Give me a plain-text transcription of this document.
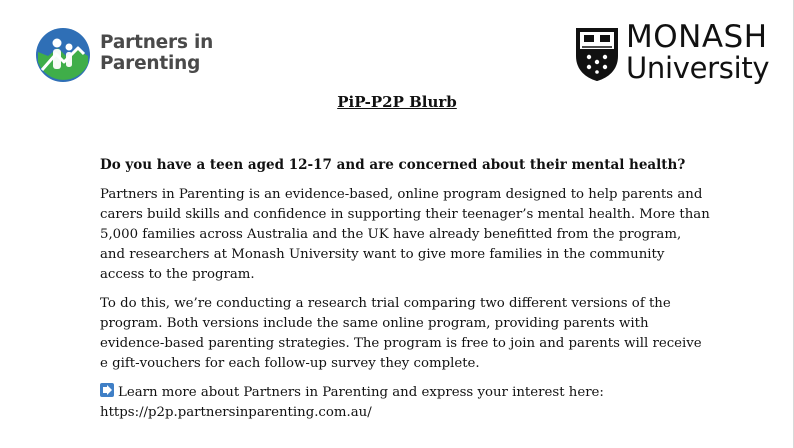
Partners in
Parenting
MONASH
University
PiP-P2P Blurb

Do you have a teen aged 12-17 and are concerned about their mental health?

Partners in Parenting is an evidence-based, online program designed to help parents and carers build skills and confidence in supporting their teenager’s mental health. More than 5,000 families across Australia and the UK have already benefitted from the program, and researchers at Monash University want to give more families in the community access to the program.

To do this, we’re conducting a research trial comparing two different versions of the program. Both versions include the same online program, providing parents with evidence-based parenting strategies. The program is free to join and parents will receive e gift-vouchers for each follow-up survey they complete.

Learn more about Partners in Parenting and express your interest here:
https://p2p.partnersinparenting.com.au/
